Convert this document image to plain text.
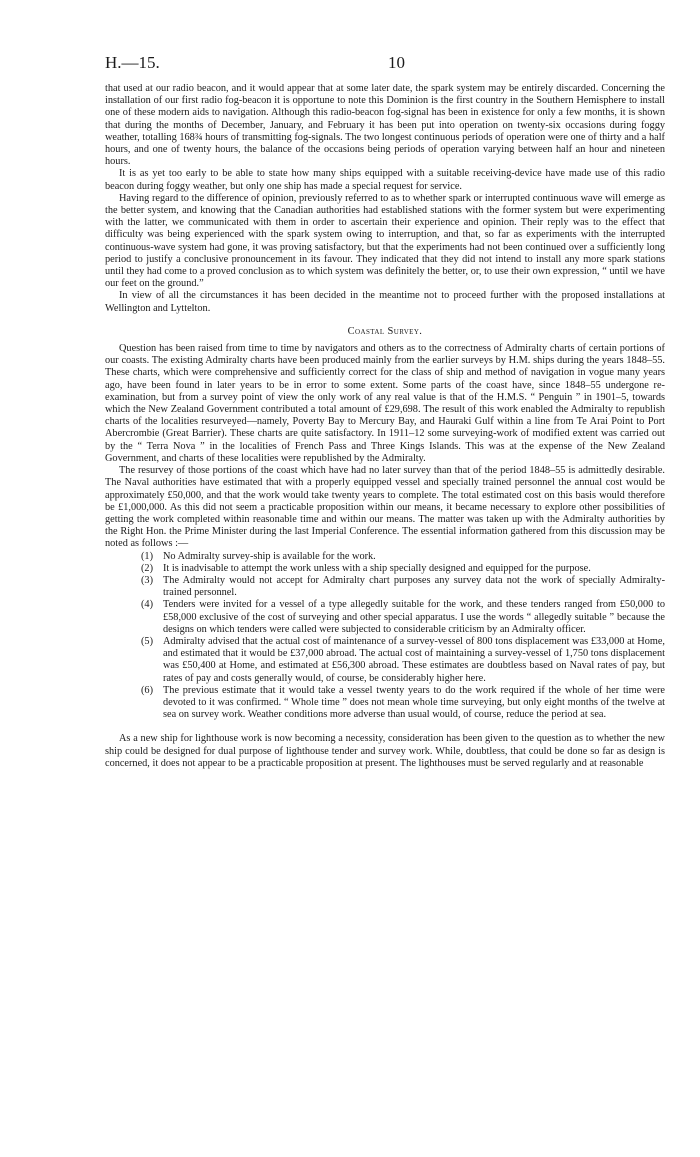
H.—15.	10

that used at our radio beacon, and it would appear that at some later date, the spark system may be entirely discarded. Concerning the installation of our first radio fog-beacon it is opportune to note this Dominion is the first country in the Southern Hemisphere to install one of these modern aids to navigation. Although this radio-beacon fog-signal has been in existence for only a few months, it is shown that during the months of December, January, and February it has been put into operation on twenty-six occasions during foggy weather, totalling 168¾ hours of transmitting fog-signals. The two longest continuous periods of operation were one of thirty and a half hours, and one of twenty hours, the balance of the occasions being periods of operation varying between half an hour and nineteen hours.

It is as yet too early to be able to state how many ships equipped with a suitable receiving-device have made use of this radio beacon during foggy weather, but only one ship has made a special request for service.

Having regard to the difference of opinion, previously referred to as to whether spark or interrupted continuous wave will emerge as the better system, and knowing that the Canadian authorities had established stations with the former system but were experimenting with the latter, we communicated with them in order to ascertain their experience and opinion. Their reply was to the effect that difficulty was being experienced with the spark system owing to interruption, and that, so far as experiments with the interrupted continuous-wave system had gone, it was proving satisfactory, but that the experiments had not been continued over a sufficiently long period to justify a conclusive pronouncement in its favour. They indicated that they did not intend to install any more spark stations until they had come to a proved conclusion as to which system was definitely the better, or, to use their own expression, “ until we have our feet on the ground.”

In view of all the circumstances it has been decided in the meantime not to proceed further with the proposed installations at Wellington and Lyttelton.

Coastal Survey.

Question has been raised from time to time by navigators and others as to the correctness of Admiralty charts of certain portions of our coasts. The existing Admiralty charts have been produced mainly from the earlier surveys by H.M. ships during the years 1848–55. These charts, which were comprehensive and sufficiently correct for the class of ship and method of navigation in vogue many years ago, have been found in later years to be in error to some extent. Some parts of the coast have, since 1848–55 undergone re-examination, but from a survey point of view the only work of any real value is that of the H.M.S. “ Penguin ” in 1901–5, towards which the New Zealand Government contributed a total amount of £29,698. The result of this work enabled the Admiralty to republish charts of the localities resurveyed—namely, Poverty Bay to Mercury Bay, and Hauraki Gulf within a line from Te Arai Point to Port Abercrombie (Great Barrier). These charts are quite satisfactory. In 1911–12 some surveying-work of modified extent was carried out by the “ Terra Nova ” in the localities of French Pass and Three Kings Islands. This was at the expense of the New Zealand Government, and charts of these localities were republished by the Admiralty.

The resurvey of those portions of the coast which have had no later survey than that of the period 1848–55 is admittedly desirable. The Naval authorities have estimated that with a properly equipped vessel and specially trained personnel the annual cost would be approximately £50,000, and that the work would take twenty years to complete. The total estimated cost on this basis would therefore be £1,000,000. As this did not seem a practicable proposition within our means, it became necessary to explore other possibilities of getting the work completed within reasonable time and within our means. The matter was taken up with the Admiralty authorities by the Right Hon. the Prime Minister during the last Imperial Conference. The essential information gathered from this discussion may be noted as follows :—

(1) No Admiralty survey-ship is available for the work.
(2) It is inadvisable to attempt the work unless with a ship specially designed and equipped for the purpose.
(3) The Admiralty would not accept for Admiralty chart purposes any survey data not the work of specially Admiralty-trained personnel.
(4) Tenders were invited for a vessel of a type allegedly suitable for the work, and these tenders ranged from £50,000 to £58,000 exclusive of the cost of surveying and other special apparatus. I use the words “ allegedly suitable ” because the designs on which tenders were called were subjected to considerable criticism by an Admiralty officer.
(5) Admiralty advised that the actual cost of maintenance of a survey-vessel of 800 tons displacement was £33,000 at Home, and estimated that it would be £37,000 abroad. The actual cost of maintaining a survey-vessel of 1,750 tons displacement was £50,400 at Home, and estimated at £56,300 abroad. These estimates are doubtless based on Naval rates of pay, but rates of pay and costs generally would, of course, be considerably higher here.
(6) The previous estimate that it would take a vessel twenty years to do the work required if the whole of her time were devoted to it was confirmed. “ Whole time ” does not mean whole time surveying, but only eight months of the twelve at sea on survey work. Weather conditions more adverse than usual would, of course, reduce the period at sea.

As a new ship for lighthouse work is now becoming a necessity, consideration has been given to the question as to whether the new ship could be designed for dual purpose of lighthouse tender and survey work. While, doubtless, that could be done so far as design is concerned, it does not appear to be a practicable proposition at present. The lighthouses must be served regularly and at reasonable
